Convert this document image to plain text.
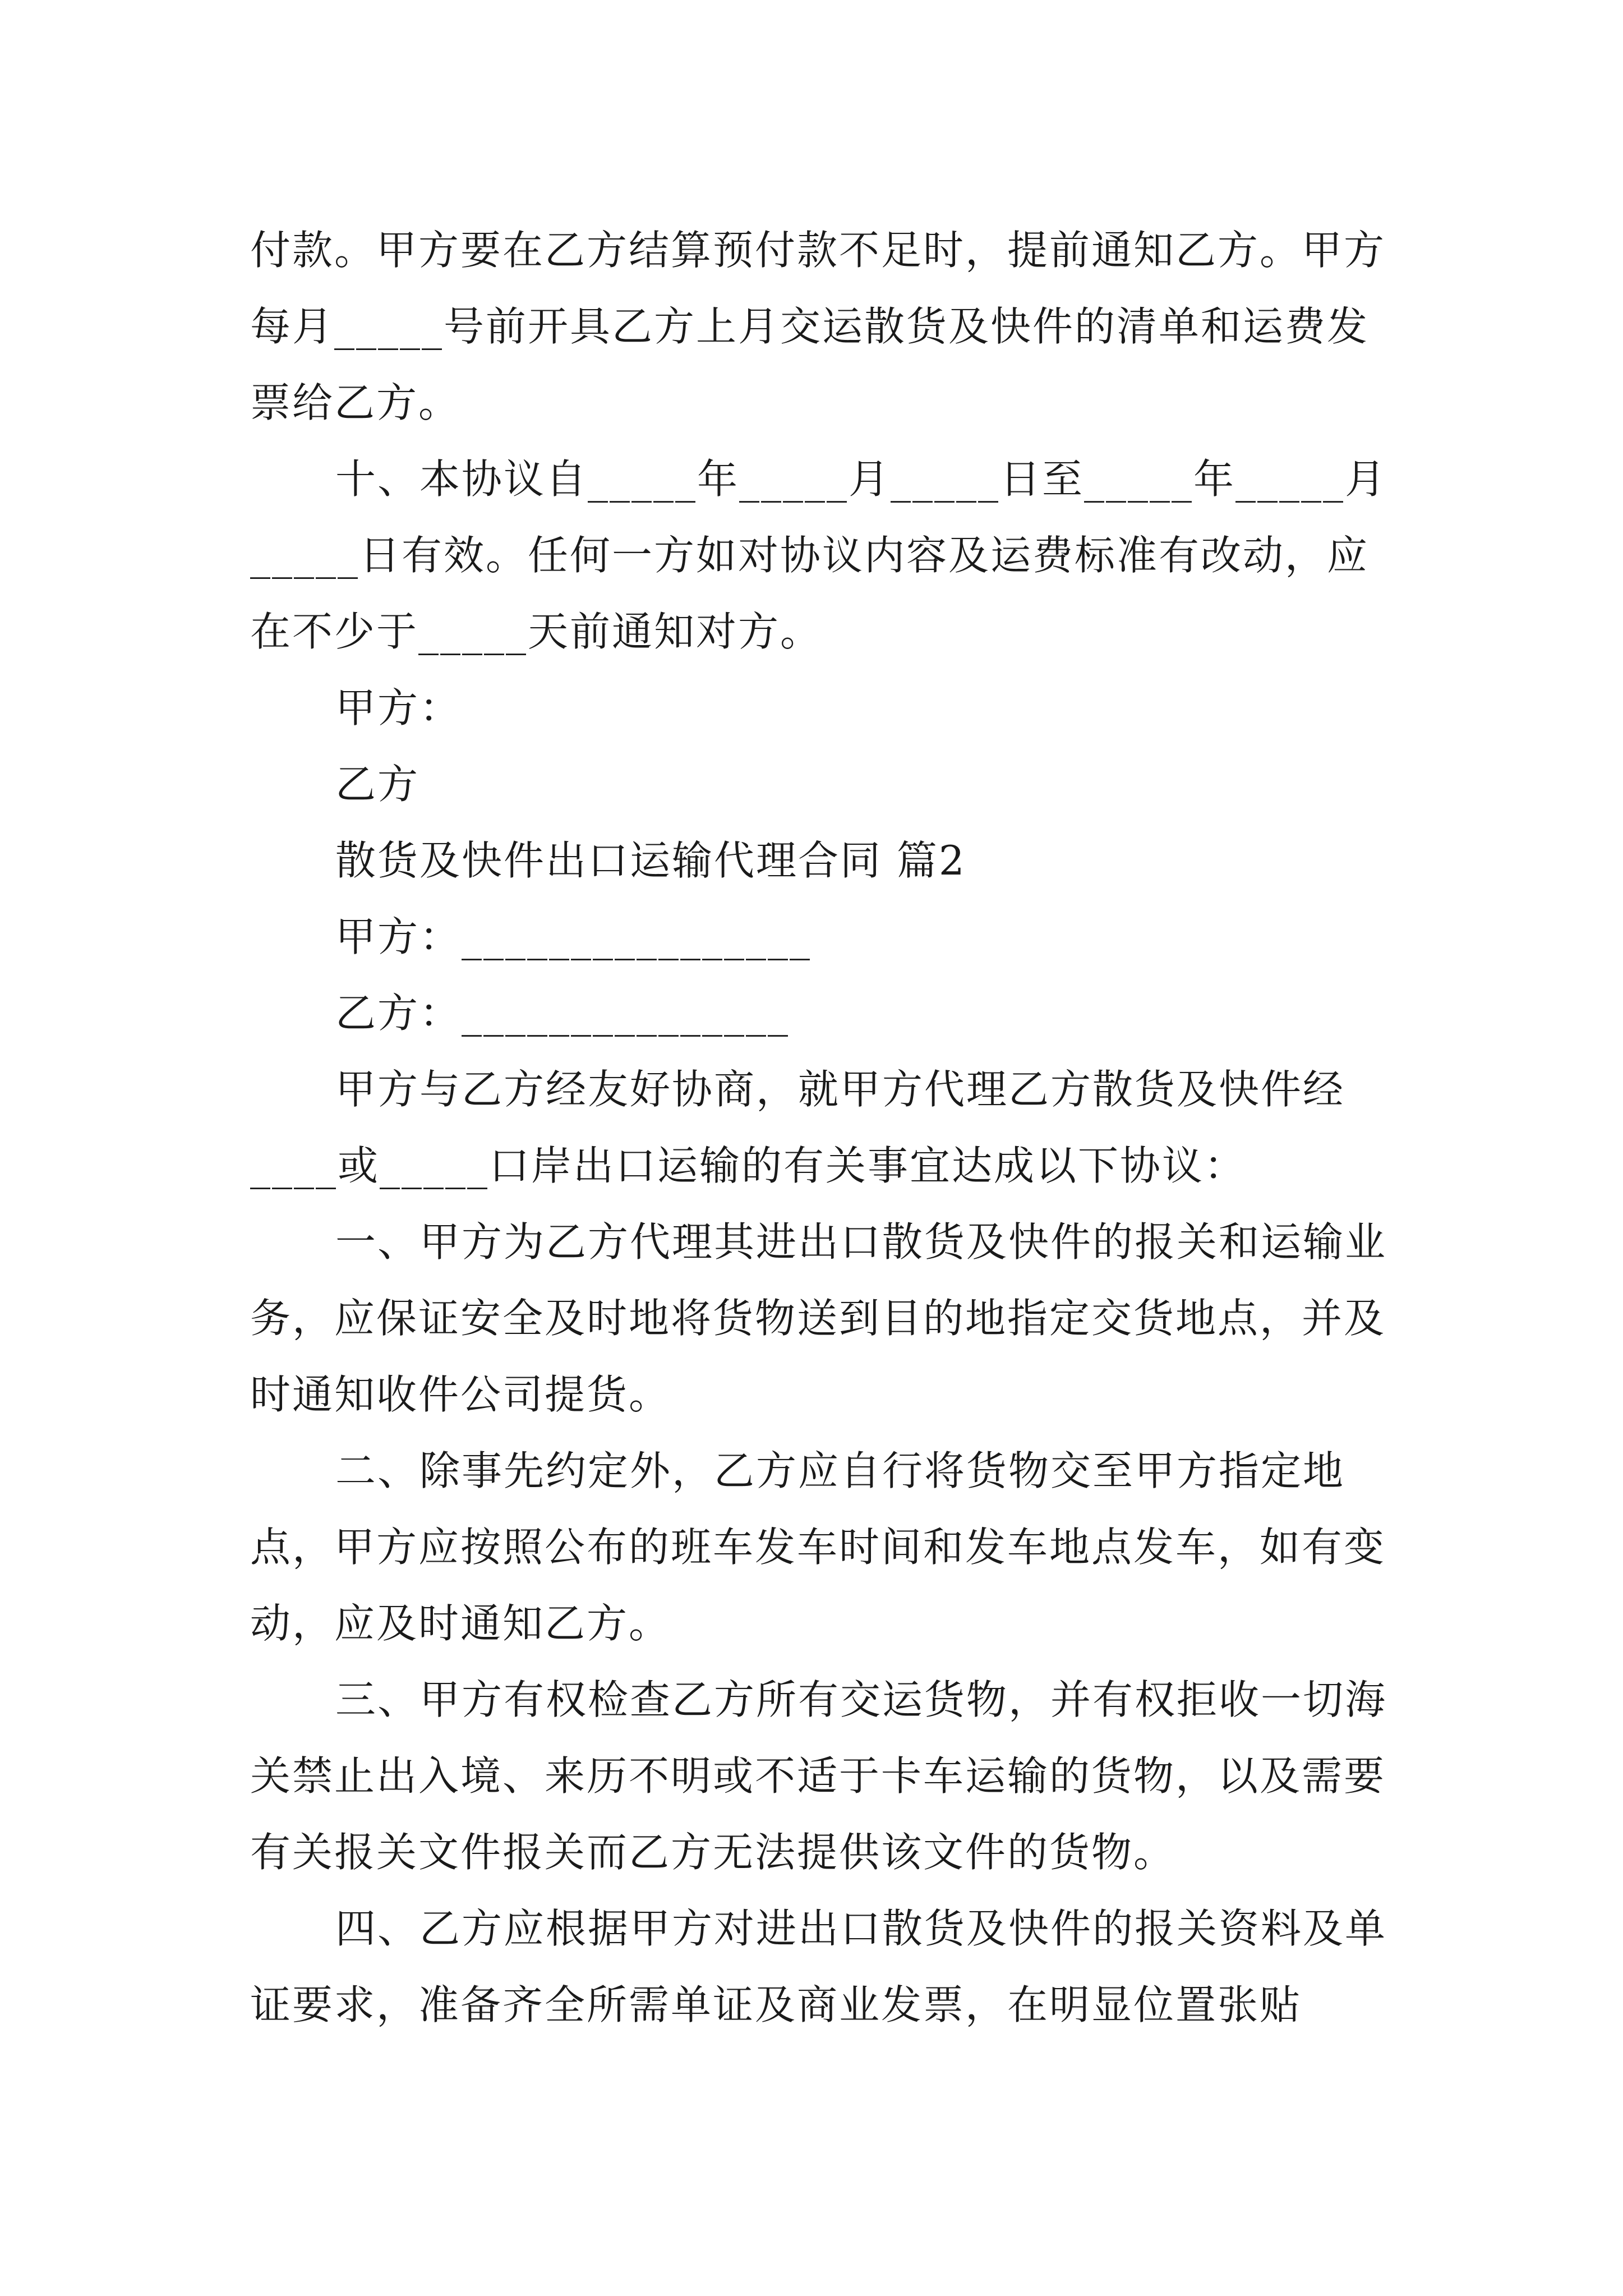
付款。甲方要在乙方结算预付款不足时，提前通知乙方。甲方每月_____号前开具乙方上月交运散货及快件的清单和运费发票给乙方。

十、本协议自_____年_____月_____日至_____年_____月_____日有效。任何一方如对协议内容及运费标准有改动，应在不少于_____天前通知对方。

甲方：

乙方

散货及快件出口运输代理合同 篇2

甲方：________________

乙方：_______________

甲方与乙方经友好协商，就甲方代理乙方散货及快件经____或_____口岸出口运输的有关事宜达成以下协议：

一、甲方为乙方代理其进出口散货及快件的报关和运输业务，应保证安全及时地将货物送到目的地指定交货地点，并及时通知收件公司提货。

二、除事先约定外，乙方应自行将货物交至甲方指定地点，甲方应按照公布的班车发车时间和发车地点发车，如有变动，应及时通知乙方。

三、甲方有权检查乙方所有交运货物，并有权拒收一切海关禁止出入境、来历不明或不适于卡车运输的货物，以及需要有关报关文件报关而乙方无法提供该文件的货物。

四、乙方应根据甲方对进出口散货及快件的报关资料及单证要求，准备齐全所需单证及商业发票，在明显位置张贴
